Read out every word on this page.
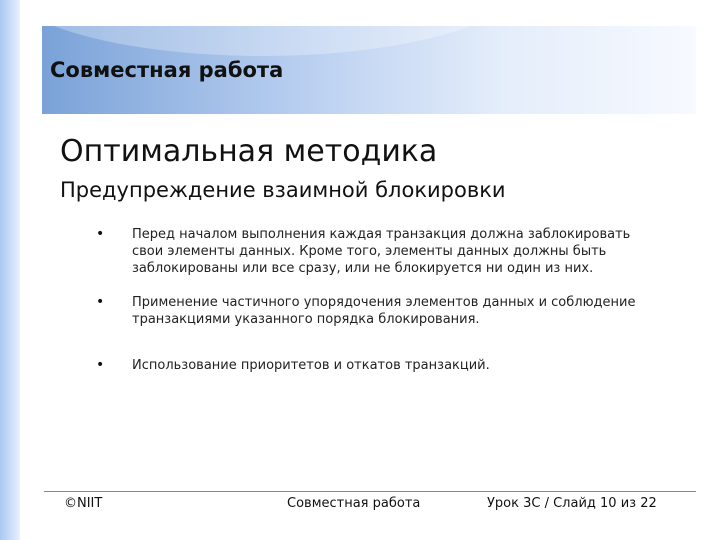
Совместная работа
Оптимальная методика
Предупреждение взаимной блокировки
• Перед началом выполнения каждая транзакция должна заблокировать
свои элементы данных. Кроме того, элементы данных должны быть
заблокированы или все сразу, или не блокируется ни один из них.
• Применение частичного упорядочения элементов данных и соблюдение
транзакциями указанного порядка блокирования.
• Использование приоритетов и откатов транзакций.
©NIIT	Совместная работа	Урок 3C / Слайд 10 из 22
